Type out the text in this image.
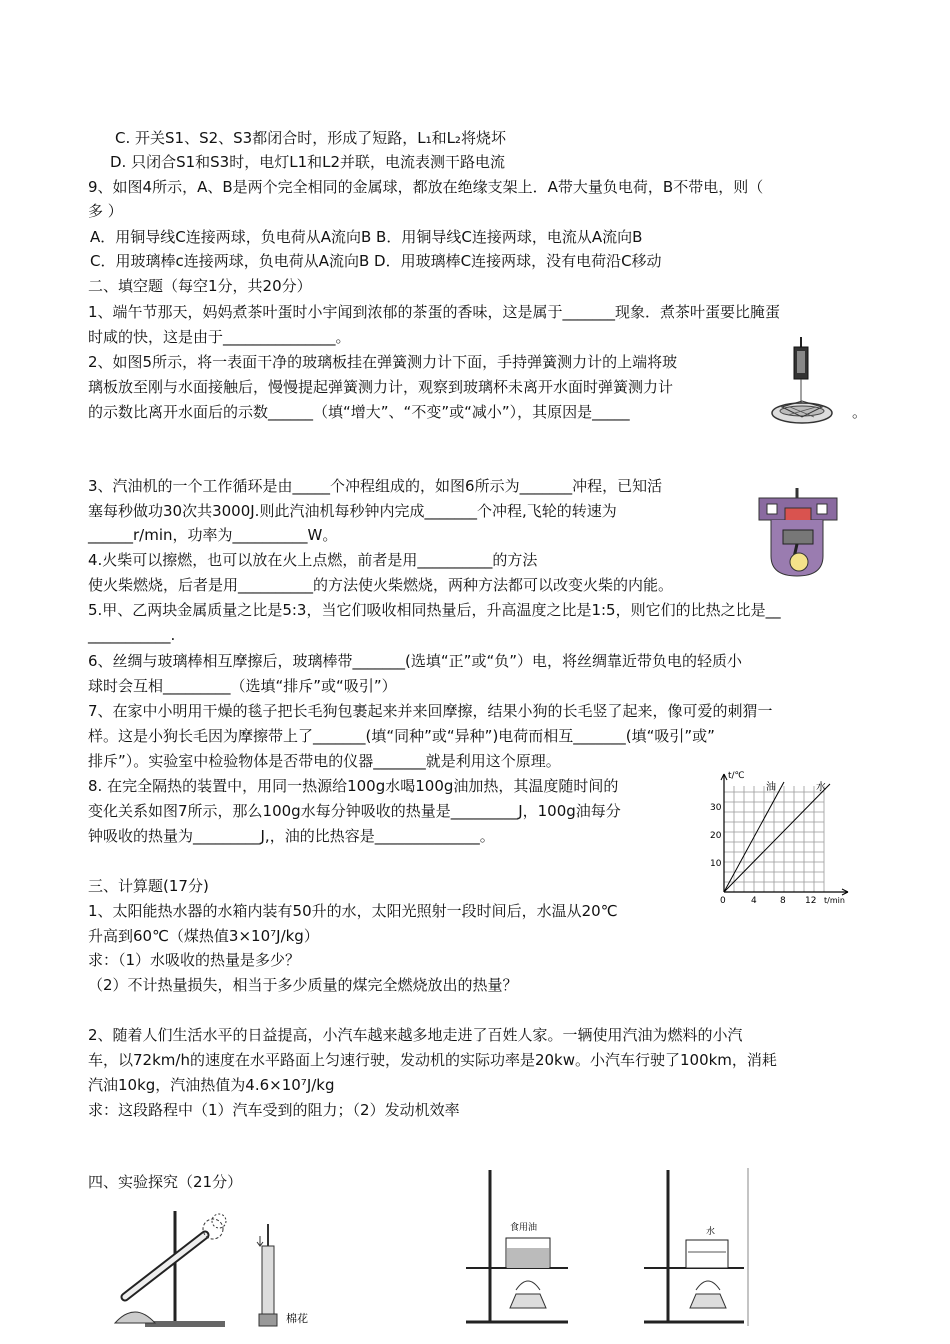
C. 开关S1、S2、S3都闭合时，形成了短路，L₁和L₂将烧坏
D. 只闭合S1和S3时，电灯L1和L2并联，电流表测干路电流
9、如图4所示，A、B是两个完全相同的金属球，都放在绝缘支架上．A带大量负电荷，B不带电，则（
多 ）
A．用铜导线C连接两球，负电荷从A流向B B．用铜导线C连接两球，电流从A流向B
C．用玻璃棒c连接两球，负电荷从A流向B D．用玻璃棒C连接两球，没有电荷沿C移动
二、填空题（每空1分，共20分）
1、端午节那天，妈妈煮茶叶蛋时小宇闻到浓郁的茶蛋的香味，这是属于_______现象．煮茶叶蛋要比腌蛋
时咸的快，这是由于_______________。
2、如图5所示，将一表面干净的玻璃板挂在弹簧测力计下面，手持弹簧测力计的上端将玻
璃板放至刚与水面接触后，慢慢提起弹簧测力计，观察到玻璃杯未离开水面时弹簧测力计
的示数比离开水面后的示数______（填“增大”、“不变”或“减小”），其原因是_____	。
3、汽油机的一个工作循环是由_____个冲程组成的，如图6所示为_______冲程，已知活
塞每秒做功30次共3000J.则此汽油机每秒钟内完成_______个冲程,飞轮的转速为
______r/min，功率为__________W。
4.火柴可以擦燃，也可以放在火上点燃，前者是用__________的方法
使火柴燃烧，后者是用__________的方法使火柴燃烧，两种方法都可以改变火柴的内能。
5.甲、乙两块金属质量之比是5:3，当它们吸收相同热量后，升高温度之比是1:5，则它们的比热之比是__
___________.
6、丝绸与玻璃棒相互摩擦后，玻璃棒带_______(选填“正”或“负”）电，将丝绸靠近带负电的轻质小
球时会互相_________（选填“排斥”或“吸引”）
7、在家中小明用干燥的毯子把长毛狗包裹起来并来回摩擦，结果小狗的长毛竖了起来，像可爱的刺猬一
样。这是小狗长毛因为摩擦带上了_______(填“同种”或“异种”)电荷而相互_______(填“吸引”或”
排斥”）。实验室中检验物体是否带电的仪器_______就是利用这个原理。
8. 在完全隔热的装置中，用同一热源给100g水喝100g油加热，其温度随时间的
变化关系如图7所示，那么100g水每分钟吸收的热量是_________J，100g油每分
钟吸收的热量为_________J,，油的比热容是______________。
三、计算题(17分)
1、太阳能热水器的水箱内装有50升的水，太阳光照射一段时间后，水温从20℃
升高到60℃（煤热值3×10⁷J/kg）
求：（1）水吸收的热量是多少？
（2）不计热量损失，相当于多少质量的煤完全燃烧放出的热量？
2、随着人们生活水平的日益提高，小汽车越来越多地走进了百姓人家。一辆使用汽油为燃料的小汽
车，以72km/h的速度在水平路面上匀速行驶，发动机的实际功率是20kw。小汽车行驶了100km，消耗
汽油10kg，汽油热值为4.6×10⁷J/kg
求：这段路程中（1）汽车受到的阻力；（2）发动机效率
四、实验探究（21分）
t/℃
油	水
10
20
30
0	4	8 12 t/min
棉花
食用油	水
